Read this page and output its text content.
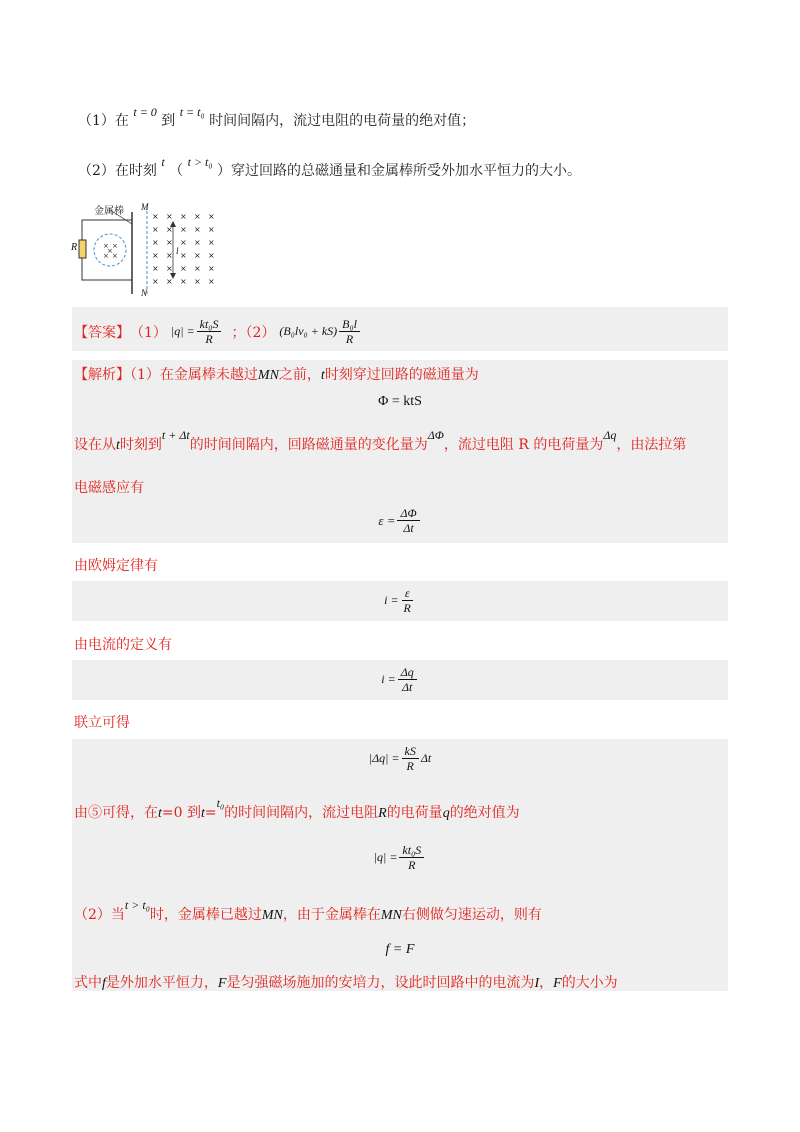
（1）在 t = 0 到 t = t₀ 时间间隔内，流过电阻的电荷量的绝对值；
（2）在时刻 t （ t > t₀ ）穿过回路的总磁通量和金属棒所受外加水平恒力的大小。
× × × × ×
× × × × ×
× × × × ×
× × × × ×
× × × × ×
× × × × ×
× ×
× ×
×
金属棒 M
N
R	l
【答案】 （1） $|q| = \frac{\text{kt₀S}}{R}$ ；（2） $(B_0lv_0 + kS) \frac{\text{B₀l}}{R}$
【解析】（1）在金属棒未越过MN之前，t时刻穿过回路的磁通量为
Φ = ktS
设在从t时刻到t + Δt的时间间隔内，回路磁通量的变化量为ΔΦ，流过电阻 R 的电荷量为Δq，由法拉第
电磁感应有
$\varepsilon = \frac{\Delta\Phi}{\Delta t}$
由欧姆定律有
$i = \frac{\varepsilon}{R}$
由电流的定义有
$i = \frac{\Delta q}{\Delta t}$
联立可得
$|\Delta q| = \frac{kS}{R}$ Δt
由⑤可得，在t=0 到t=t₀的时间间隔内，流过电阻R的电荷量q的绝对值为
$|q| = \frac{\text{kt₀S}}{R}$
（2）当t > t₀时，金属棒已越过MN，由于金属棒在MN右侧做匀速运动，则有
f = F
式中f是外加水平恒力，F是匀强磁场施加的安培力，设此时回路中的电流为I，F的大小为
